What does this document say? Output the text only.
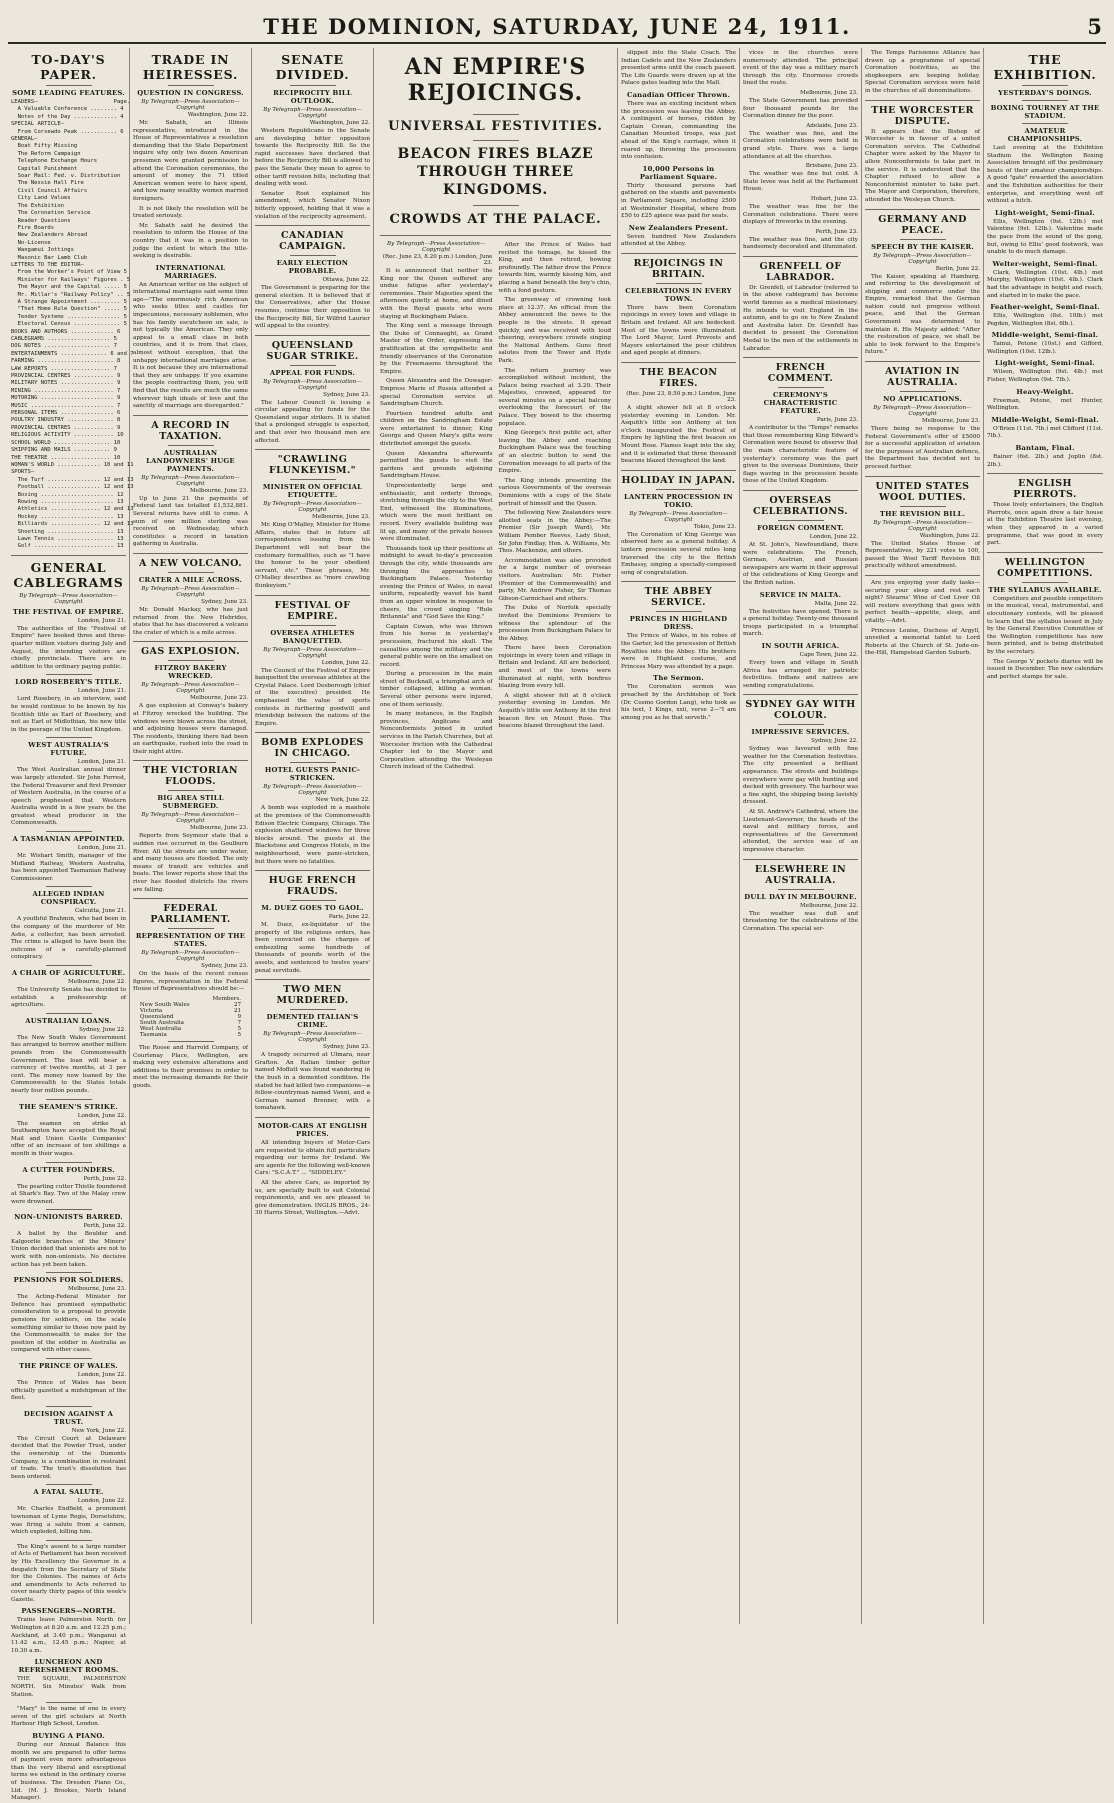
THE DOMINION, SATURDAY, JUNE 24, 1911.	5
TO-DAY'S PAPER.
SOME LEADING FEATURES.
LEADERS—                       Page.
A Valuable Conference ........ 4
Notes of the Day ............. 4
SPECIAL ARTICLE—
From Corsewdo Peak ........... 6
GENERAL—
Boat Fifty Missing
The Reform Campaign
Telephone Exchange Hours
Capital Punishment
Soar Mail: Fed. v. Distribution
The Nessie Hall Fire
Civil Council Affairs
City Land Values
The Exhibition
The Coronation Service
Reader Questions
Fire Boards
New Zealanders Abroad
No-License
Wangamui Jottings
Masonic Bar Lamb Club
LETTERS TO THE EDITOR—
From the Worker's Point of View 5
Minister for Railways' Figures . 5
The Mayor and the Capital ..... 5
Mr. Millar's "Railway Policy" .. 5
A Strange Appointment ......... 5
"That Home Rule Question" ..... 5
Tender Systems ................ 5
Electoral Census .............. 5
BOOKS AND AUTHORS ............. 6
CABLEGRAMS ................... 5
DOG NOTES .................... 7
ENTERTAINMENTS .............. 6 and 7
FARMING ....................... 8
LAW REPORTS .................. 7
PROVINCIAL CENTRES ............ 9
MILITARY NOTES ................ 9
MINING ........................ 7
MOTORING ...................... 9
MUSIC ......................... 7
PERSONAL ITEMS ................ 6
POULTRY INDUSTRY .............. 8
PROVINCIAL CENTRES ............ 9
RELIGIOUS ACTIVITY ............ 10
SCHOOL WORLD ................. 10
SHIPPING AND MAILS ........... 9
THE THEATRE .................. 10
WOMAN'S WORLD ............. 10 and 11
SPORTS—
The Turf ................ 12 and 13
Football ................ 12 and 13
Boxing ...................... 12
Rowing ...................... 13
Athletics ............... 12 and 13
Hockey ...................... 13
Billiards ............... 12 and 13
Shooting .................... 13
Lawn Tennis ................. 13
Golf ........................ 13
GENERAL CABLEGRAMS
By Telegraph—Press Association—Copyright
THE FESTIVAL OF EMPIRE.
London, June 21.
The authorities of the "Festival of Empire" have booked three and three-quarter million visitors during July and August, the intending visitors are chiefly provincials. There are in addition to the ordinary paying public.
LORD ROSEBERY'S TITLE.
London, June 21.
Lord Rosebery, in an interview, said he would continue to be known by his Scottish title as Earl of Rosebery, and not as Earl of Midlothian, his new title in the peerage of the United Kingdom.
WEST AUSTRALIA'S FUTURE.
London, June 21.
The West Australian annual dinner was largely attended. Sir John Forrest, the Federal Treasurer and first Premier of Western Australia, in the course of a speech prophesied that Western Australia would in a few years be the greatest wheat producer in the Commonwealth.
A TASMANIAN APPOINTED.
London, June 21.
Mr. Wishart Smith, manager of the Midland Railway, Western Australia, has been appointed Tasmanian Railway Commissioner.
ALLEGED INDIAN CONSPIRACY.
Calcutta, June 21.
A youthful Brahmin, who had been in the company of the murderer of Mr. Ashe, a collector, has been arrested. The crime is alleged to have been the outcome of a carefully-planned conspiracy.
A CHAIR OF AGRICULTURE.
Melbourne, June 22.
The University Senate has decided to establish a professorship of agriculture.
AUSTRALIAN LOANS.
Sydney, June 22.
The New South Wales Government has arranged to borrow another million pounds from the Commonwealth Government. The loan will bear a currency of twelve months, at 3 per cent. The money now loaned by the Commonwealth to the States totals nearly four million pounds.
THE SEAMEN'S STRIKE.
London, June 22.
The seamen on strike at Southampton have accepted the Royal Mail and Union Castle Companies' offer of an increase of ten shillings a month in their wages.
A CUTTER FOUNDERS.
Perth, June 22.
The pearling cutter Thistle foundered at Shark's Bay. Two of the Malay crew were drowned.
NON-UNIONISTS BARRED.
Perth, June 22.
A ballot by the Boulder and Kalgoorlie branches of the Miners' Union decided that unionists are not to work with non-unionists. No decisive action has yet been taken.
PENSIONS FOR SOLDIERS.
Melbourne, June 23.
The Acting-Federal Minister for Defence has promised sympathetic consideration to a proposal to provide pensions for soldiers, on the scale something similar to those now paid by the Commonwealth to make for the position of the soldier in Australia as compared with other cases.
THE PRINCE OF WALES.
London, June 22.
The Prince of Wales has been officially gazetted a midshipman of the fleet.
DECISION AGAINST A TRUST.
New York, June 22.
The Circuit Court at Delaware decided that the Powder Trust, under the ownership of the Dumonts Company, is a combination in restraint of trade. The trust's dissolution has been ordered.
A FATAL SALUTE.
London, June 22.
Mr. Charles Endfield, a prominent townsman of Lyme Regis, Dorsetshire, was firing a salute from a cannon, which exploded, killing him.
The King's assent to a large number of Acts of Parliament has been received by His Excellency the Governor in a despatch from the Secretary of State for the Colonies. The names of Acts and amendments to Acts referred to cover nearly thirty pages of this week's Gazette.
PASSENGERS—NORTH.
Trains leave Palmerston North for Wellington at 8.20 a.m. and 12.25 p.m.; Auckland, at 3.40 p.m.; Wanganui at 11.42 a.m., 12.45 p.m.; Napier, at 10.30 a.m.
LUNCHEON AND REFRESHMENT ROOMS.
THE SQUARE, PALMERSTON NORTH. Six Minutes' Walk from Station.
"Mary" is the name of one in every seven of the girl scholars at North Harbour High School, London.
BUYING A PIANO.
During our Annual Balance this month we are prepared to offer terms of payment even more advantageous than the very liberal and exceptional terms we extend in the ordinary course of business. The Dresden Piano Co., Ltd. (M. J. Brookes, North Island Manager).
TRADE IN HEIRESSES.
QUESTION IN CONGRESS.
By Telegraph—Press Association—Copyright
Washington, June 22.
Mr. Sabath, an Illinois representative, introduced in the House of Representatives a resolution demanding that the State Department inquire why only two dozen American pressmen were granted permission to attend the Coronation ceremonies, the amount of money the 71 titled American women were to have spent, and how many wealthy women married foreigners.
It is not likely the resolution will be treated seriously.
Mr. Sabath said he desired the resolution to inform the House of the country that it was in a position to judge the extent to which the title-seeking is desirable.
INTERNATIONAL MARRIAGES.
An American writer on the subject of international marriages said some time ago—"The enormously rich American who seeks titles and castles for impecunious, necessary noblemen, who has his family escutcheon on sale, is not typically the American. They only appeal to a small class in both countries, and it is from that class, almost without exception, that the unhappy international marriages arise. It is not because they are international that they are unhappy. If you examine the people contracting them, you will find that the results are much the same wherever high ideals of love and the sanctity of marriage are disregarded."
A RECORD IN TAXATION.
AUSTRALIAN LANDOWNERS' HUGE PAYMENTS.
By Telegraph—Press Association—Copyright
Melbourne, June 23.
Up to June 21 the payments of Federal land tax totalled £1,532,881. Several returns have still to come. A sum of one million sterling was received on Wednesday, which constitutes a record in taxation gathering in Australia.
A NEW VOLCANO.
CRATER A MILE ACROSS.
By Telegraph—Press Association—Copyright
Sydney, June 23.
Mr. Donald Mackay, who has just returned from the New Hebrides, states that he has discovered a volcano the crater of which is a mile across.
GAS EXPLOSION.
FITZROY BAKERY WRECKED.
By Telegraph—Press Association—Copyright
Melbourne, June 23.
A gas explosion at Conway's bakery at Fitzroy wrecked the building. The windows were blown across the street, and adjoining houses were damaged. The residents, thinking there had been an earthquake, rushed into the road in their night attire.
THE VICTORIAN FLOODS.
BIG AREA STILL SUBMERGED.
By Telegraph—Press Association—Copyright
Melbourne, June 23.
Reports from Seymour state that a sudden rise occurred in the Goulburn River. All the streets are under water, and many houses are flooded. The only means of transit are vehicles and boats. The lower reports show that the river has flooded districts the rivers are falling.
FEDERAL PARLIAMENT.
REPRESENTATION OF THE STATES.
By Telegraph—Press Association—Copyright
Sydney, June 23.
On the basis of the recent census figures, representation in the Federal House of Representatives should be:—
	Members.
New South Wales	27
Victoria	21
Queensland	9
South Australia	7
West Australia	5
Tasmania	5
The Roose and Harrold Company, of Courtenay Place, Wellington, are making very extensive alterations and additions to their premises in order to meet the increasing demands for their goods.
SENATE DIVIDED.
RECIPROCITY BILL OUTLOOK.
By Telegraph—Press Association—Copyright
Washington, June 22.
Western Republicans in the Senate are developing bitter opposition towards the Reciprocity Bill. So the rapid successes have declared that before the Reciprocity Bill is allowed to pass the Senate they mean to agree to other tariff revision bills, including that dealing with wool.
Senator Root explained his amendment, which Senator Nixon bitterly opposed, holding that it was a violation of the reciprocity agreement.
CANADIAN CAMPAIGN.
EARLY ELECTION PROBABLE.
Ottawa, June 22.
The Government is preparing for the general election. It is believed that if the Conservatives, after the House resumes, continue their opposition to the Reciprocity Bill, Sir Wilfrid Laurier will appeal to the country.
QUEENSLAND SUGAR STRIKE.
APPEAL FOR FUNDS.
By Telegraph—Press Association—Copyright
Sydney, June 23.
The Labour Council is issuing a circular appealing for funds for the Queensland sugar strikers. It is stated that a prolonged struggle is expected, and that over two thousand men are affected.
"CRAWLING FLUNKEYISM."
MINISTER ON OFFICIAL ETIQUETTE.
By Telegraph—Press Association—Copyright
Melbourne, June 23.
Mr. King O'Malley, Minister for Home Affairs, states that in future all correspondence issuing from his Department will not bear the customary formalities, such as "I have the honour to be your obedient servant, etc." These phrases, Mr. O'Malley describes as "more crawling flunkeyism."
FESTIVAL OF EMPIRE.
OVERSEA ATHLETES BANQUETTED.
By Telegraph—Press Association—Copyright
London, June 22.
The Council of the Festival of Empire banquetted the overseas athletes at the Crystal Palace. Lord Desborough (chief of the executive) presided. He emphasised the value of sports contests in furthering goodwill and friendship between the nations of the Empire.
BOMB EXPLODES IN CHICAGO.
HOTEL GUESTS PANIC-STRICKEN.
By Telegraph—Press Association—Copyright
New York, June 22.
A bomb was exploded in a manhole at the premises of the Commonwealth Edison Electric Company, Chicago. The explosion shattered windows for three blocks around. The guests at the Blackstone and Congress Hotels, in the neighbourhood, were panic-stricken, but there were no fatalities.
HUGE FRENCH FRAUDS.
M. DUEZ GOES TO GAOL.
Paris, June 22.
M. Duez, ex-liquidator of the property of the religious orders, has been convicted on the charges of embezzling some hundreds of thousands of pounds worth of the assets, and sentenced to twelve years' penal servitude.
TWO MEN MURDERED.
DEMENTED ITALIAN'S CRIME.
By Telegraph—Press Association—Copyright
Sydney, June 23.
A tragedy occurred at Ulmara, near Grafton. An Italian timber getter named Moffatt was found wandering in the bush in a demented condition. He stated he had killed two companions—a fellow-countryman named Vanni, and a German named Brenner, with a tomahawk.
MOTOR-CARS AT ENGLISH PRICES.
All intending buyers of Motor-Cars are requested to obtain full particulars regarding our terms for Ireland. We are agents for the following well-known Cars: "S.C.A.T." ... "SIDDELEY."
All the above Cars, as imported by us, are specially built to suit Colonial requirements, and we are pleased to give demonstration. INGLIS BROS., 24-30 Harris Street, Wellington.—Advt.
AN EMPIRE'S REJOICINGS.
UNIVERSAL FESTIVITIES.
BEACON FIRES BLAZE THROUGH THREE KINGDOMS.
CROWDS AT THE PALACE.
By Telegraph—Press Association—Copyright
(Rec. June 23, 8.20 p.m.) London, June 23.
It is announced that neither the King nor the Queen suffered any undue fatigue after yesterday's ceremonies. Their Majesties spent the afternoon quietly at home, and dined with the Royal guests who were staying at Buckingham Palace.
The King sent a message through the Duke of Connaught, as Grand Master of the Order, expressing his gratification at the sympathetic and friendly observance of the Coronation by the Freemasons throughout the Empire.
Queen Alexandra and the Dowager-Empress Marie of Russia attended a special Coronation service at Sandringham Church.
Fourteen hundred adults and children on the Sandringham Estate were entertained to dinner, King George and Queen Mary's gifts were distributed amongst the guests.
Queen Alexandra afterwards permitted the guests to visit the gardens and grounds adjoining Sandringham House.
Unprecedentedly large and enthusiastic, and orderly throngs, stretching through the city to the West End, witnessed the illuminations, which were the most brilliant on record. Every available building was lit up, and many of the private houses were illuminated.
Thousands took up their positions at midnight to await to-day's procession through the city, while thousands are thronging the approaches to Buckingham Palace. Yesterday evening the Prince of Wales, in naval uniform, repeatedly waved his hand from an upper window in response to cheers, the crowd singing "Rule Britannia" and "God Save the King."
Captain Cowan, who was thrown from his horse in yesterday's procession, fractured his skull. The casualties among the military and the general public were on the smallest on record.
During a procession in the main street of Bucknall, a triumphal arch of timber collapsed, killing a woman. Several other persons were injured, one of them seriously.
In many instances, in the English provinces, Anglicans and Nonconformists joined in united services in the Parish Churches, but at Worcester friction with the Cathedral Chapter led to the Mayor and Corporation attending the Wesleyan Church instead of the Cathedral.
After the Prince of Wales had recited the homage, he kissed the King, and then retired, bowing profoundly. The father drew the Prince towards him, warmly kissing him, and placing a hand beneath the boy's chin, with a fond gesture.
The greenway of crowning took place at 12.37. An official from the Abbey announced the news to the people in the streets. It spread quickly, and was received with loud cheering, everywhere crowds singing the National Anthem. Guns fired salutes from the Tower and Hyde Park.
The return journey was accomplished without incident, the Palace being reached at 3.20. Their Majesties, crowned, appeared for several minutes on a special balcony overlooking the forecourt of the Palace. They bowed to the cheering populace.
King George's first public act, after leaving the Abbey and reaching Buckingham Palace was the touching of an electric button to send the Coronation message to all parts of the Empire.
The King intends presenting the various Governments of the overseas Dominions with a copy of the State portrait of himself and the Queen.
The following New Zealanders were allotted seats in the Abbey:—The Premier (Sir Joseph Ward), Mr. William Pember Reeves, Lady Stout, Sir John Findlay, Hon. A. Williams, Mr. Thos. Mackenzie, and others.
Accommodation was also provided for a large number of overseas visitors. Australian: Mr. Fisher (Premier of the Commonwealth) and party, Mr. Andrew Fisher, Sir Thomas Gibson-Carmichael and others.
The Duke of Norfolk specially invited the Dominions Premiers to witness the splendour of the procession from Buckingham Palace to the Abbey.
There have been Coronation rejoicings in every town and village in Britain and Ireland. All are bedecked, and most of the towns were illuminated at night, with bonfires blazing from every hill.
A slight shower fell at 8 o'clock yesterday evening in London. Mr. Asquith's little son Anthony lit the first beacon fire on Mount Rose. The beacons blazed throughout the land.
slipped into the State Coach. The Indian Cadets and the New Zealanders presented arms until the coach passed. The Life Guards were drawn up at the Palace gates leading into the Mall.
Canadian Officer Thrown.
There was an exciting incident when the procession was leaving the Abbey. A contingent of horses, ridden by Captain Cowan, commanding the Canadian Mounted troops, was just ahead of the King's carriage, when it reared up, throwing the procession into confusion.
10,000 Persons in Parliament Square.
Thirty thousand persons had gathered on the stands and pavements in Parliament Square, including 2500 at Westminster Hospital, where from £50 to £25 apiece was paid for seats.
New Zealanders Present.
Seven hundred New Zealanders attended at the Abbey.
REJOICINGS IN BRITAIN.
CELEBRATIONS IN EVERY TOWN.
There have been Coronation rejoicings in every town and village in Britain and Ireland. All are bedecked. Most of the towns were illuminated. The Lord Mayor, Lord Provosts and Mayors entertained the poor children and aged people at dinners.
THE BEACON FIRES.
(Rec. June 23, 8.50 p.m.) London, June 23.
A slight shower fell at 8 o'clock yesterday evening in London. Mr. Asquith's little son Anthony at ten o'clock inaugurated the Festival of Empire by lighting the first beacon on Mount Rose. Flames leapt into the sky, and it is estimated that three thousand beacons blazed throughout the land.
HOLIDAY IN JAPAN.
LANTERN PROCESSION IN TOKIO.
By Telegraph—Press Association—Copyright
Tokio, June 23.
The Coronation of King George was observed here as a general holiday. A lantern procession several miles long traversed the city to the British Embassy, singing a specially-composed song of congratulation.
THE ABBEY SERVICE.
PRINCES IN HIGHLAND DRESS.
The Prince of Wales, in his robes of the Garter, led the procession of British Royalties into the Abbey. His brothers were in Highland costume, and Princess Mary was attended by a page.
The Sermon.
The Coronation sermon was preached by the Archbishop of York (Dr. Cosmo Gordon Lang), who took as his text, 1 Kings, xxii, verse 2—"I am among you as he that serveth."
vices in the churches were numerously attended. The principal event of the day was a military march through the city. Enormous crowds lined the route.
Melbourne, June 23.
The State Government has provided four thousand pounds for the Coronation dinner for the poor.
Adelaide, June 23.
The weather was fine, and the Coronation celebrations were held in grand style. There was a large attendance at all the churches.
Brisbane, June 23.
The weather was fine but cold. A State levee was held at the Parliament House.
Hobart, June 23.
The weather was fine for the Coronation celebrations. There were displays of fireworks in the evening.
Perth, June 23.
The weather was fine, and the city handsomely decorated and illuminated.
GRENFELL OF LABRADOR.
Dr. Grenfell, of Labrador (referred to in the above cablegram) has become world famous as a medical missionary. He intends to visit England in the autumn, and to go on to New Zealand and Australia later. Dr. Grenfell has decided to present the Coronation Medal to the men of the settlements in Labrador.
FRENCH COMMENT.
CEREMONY'S CHARACTERISTIC FEATURE.
Paris, June 23.
A contributor to the "Temps" remarks that those remembering King Edward's Coronation were bound to observe that the main characteristic feature of yesterday's ceremony was the part given to the overseas Dominions, their flags waving in the procession beside those of the United Kingdom.
OVERSEAS CELEBRATIONS.
FOREIGN COMMENT.
London, June 22.
At St. John's, Newfoundland, there were celebrations. The French, German, Austrian, and Russian newspapers are warm in their approval of the celebrations of King George and the British nation.
SERVICE IN MALTA.
Malta, June 22.
The festivities have opened. There is a general holiday. Twenty-one thousand troops participated in a triumphal march.
IN SOUTH AFRICA.
Cape Town, June 22.
Every town and village in South Africa has arranged for patriotic festivities. Indians and natives are sending congratulations.
SYDNEY GAY WITH COLOUR.
IMPRESSIVE SERVICES.
Sydney, June 22.
Sydney was favoured with fine weather for the Coronation festivities. The city presented a brilliant appearance. The streets and buildings everywhere were gay with bunting and decked with greenery. The harbour was a fine sight, the shipping being lavishly dressed.
At St. Andrew's Cathedral, where the Lieutenant-Governor, the heads of the naval and military forces, and representatives of the Government attended, the service was of an impressive character.
ELSEWHERE IN AUSTRALIA.
DULL DAY IN MELBOURNE.
Melbourne, June 22.
The weather was dull and threatening for the celebrations of the Coronation. The special ser-
The Temps Parisienne Alliance has drawn up a programme of special Coronation festivities, as the shopkeepers are keeping holiday. Special Coronation services were held in the churches of all denominations.
THE WORCESTER DISPUTE.
It appears that the Bishop of Worcester is in favour of a united Coronation service. The Cathedral Chapter were asked by the Mayor to allow Nonconformists to take part in the service. It is understood that the Chapter refused to allow a Nonconformist minister to take part. The Mayor and Corporation, therefore, attended the Wesleyan Church.
GERMANY AND PEACE.
SPEECH BY THE KAISER.
By Telegraph—Press Association—Copyright
Berlin, June 22.
The Kaiser, speaking at Hamburg, and referring to the development of shipping and commerce under the Empire, remarked that the German nation could not progress without peace, and that the German Government was determined to maintain it. His Majesty added: "After the restoration of peace, we shall be able to look forward to the Empire's future."
AVIATION IN AUSTRALIA.
NO APPLICATIONS.
By Telegraph—Press Association—Copyright
Melbourne, June 23.
There being no response to the Federal Government's offer of £5000 for a successful application of aviation for the purposes of Australian defence, the Department has decided not to proceed further.
UNITED STATES WOOL DUTIES.
THE REVISION BILL.
By Telegraph—Press Association—Copyright
Washington, June 22.
The United States House of Representatives, by 221 votes to 100, passed the Wool Tariff Revision Bill practically without amendment.
Are you enjoying your daily tasks—securing your sleep and rest each night? Stearns' Wine of Cod Liver Oil will restore everything that goes with perfect health—appetite, sleep, and vitality.—Advt.
Princess Louise, Duchess of Argyll, unveiled a memorial tablet to Lord Roberts at the Church of St. Jude-on-the-Hill, Hampstead Garden Suburb.
THE EXHIBITION.
YESTERDAY'S DOINGS.
BOXING TOURNEY AT THE STADIUM.
AMATEUR CHAMPIONSHIPS.
Last evening at the Exhibition Stadium the Wellington Boxing Association brought off the preliminary bouts of their amateur championships. A good "gate" rewarded the association and the Exhibition authorities for their enterprise, and everything went off without a hitch.
Light-weight, Semi-final.
Ellis, Wellington (9st. 12lb.) met Valentine (9st. 12lb.). Valentine made the pace from the sound of the gong, but, owing to Ellis' good footwork, was unable to do much damage.
Welter-weight, Semi-final.
Clark, Wellington (10st. 4lb.) met Murphy, Wellington (10st. 4lb.). Clark had the advantage in height and reach, and started in to make the pace.
Feather-weight, Semi-final.
Ellis, Wellington (8st. 10lb.) met Pegden, Wellington (8st. 6lb.).
Middle-weight, Semi-final.
Tainui, Petone (10st.) and Gifford, Wellington (10st. 12lb.).
Light-weight, Semi-final.
Wilson, Wellington (9st. 4lb.) met Fisher, Wellington (9st. 7lb.).
Heavy-Weight.
Freeman, Petone, met Hunter, Wellington.
Middle-Weight, Semi-final.
O'Brien (11st. 7lb.) met Clifford (11st. 7lb.).
Bantam, Final.
Rainer (6st. 2lb.) and Joplin (8st. 2lb.).
ENGLISH PIERROTS.
Those lively entertainers, the English Pierrots, once again drew a fair house at the Exhibition Theatre last evening, when they appeared in a varied programme, that was good in every part.
WELLINGTON COMPETITIONS.
THE SYLLABUS AVAILABLE.
Competitors and possible competitors in the musical, vocal, instrumental, and elocutionary contests, will be pleased to learn that the syllabus issued in July by the General Executive Committee of the Wellington competitions has now been printed, and is being distributed by the secretary.
The George V pockets diaries will be issued in December. The new calendars and perfect stamps for sale.
